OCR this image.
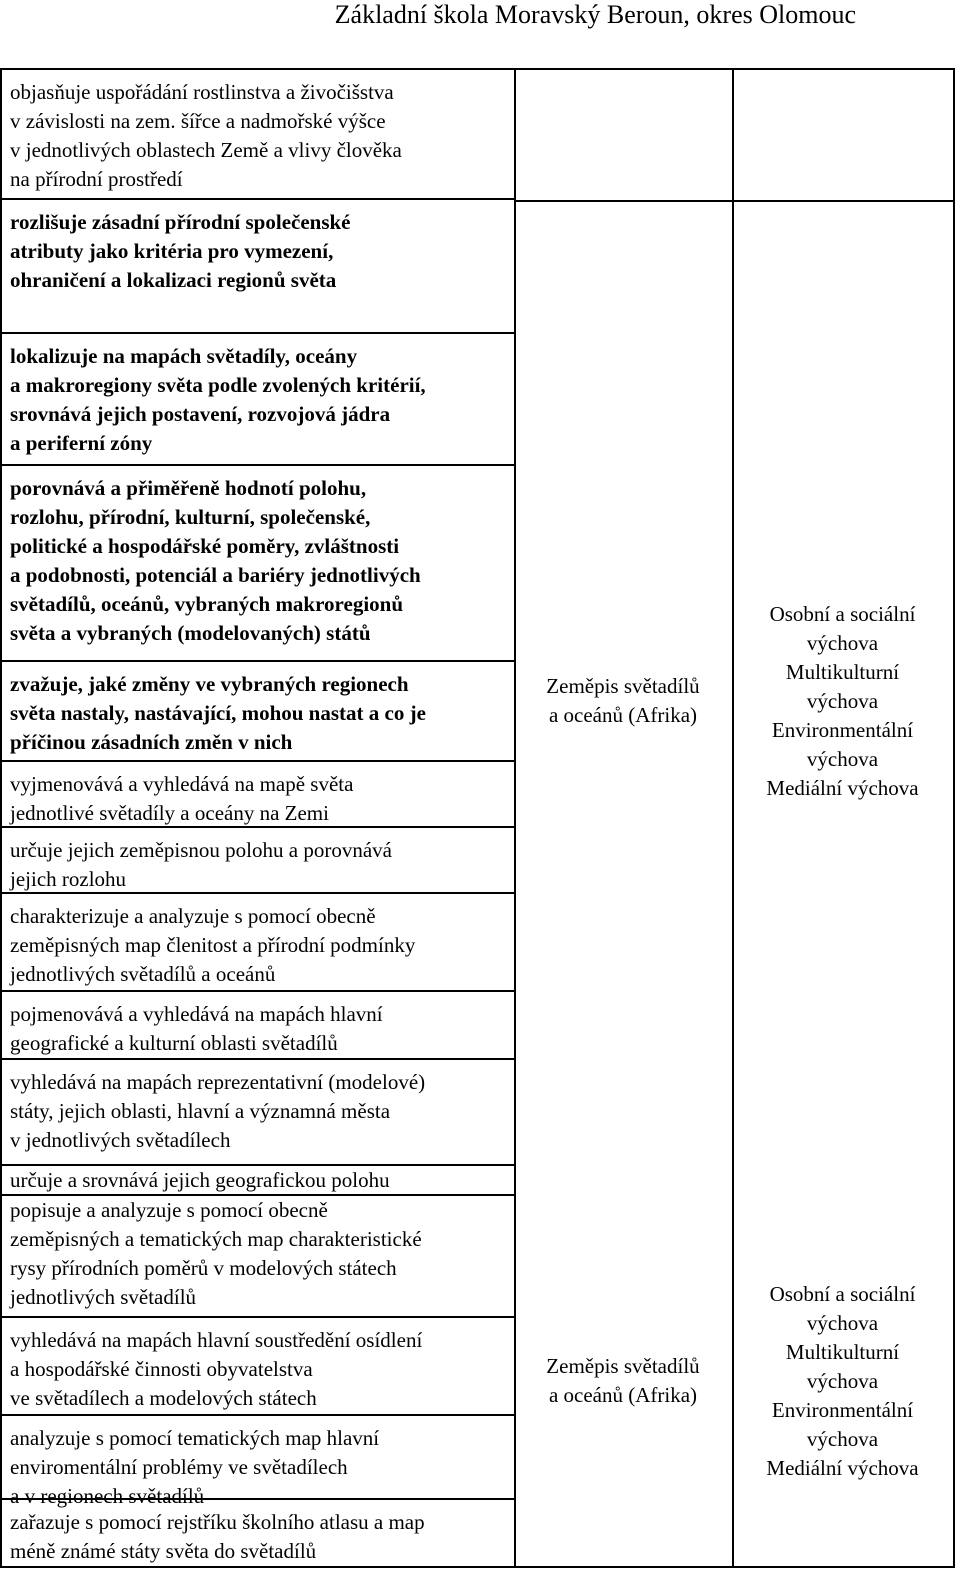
Základní škola Moravský Beroun, okres Olomouc
objasňuje uspořádání rostlinstva a živočišstva
v závislosti na zem. šířce a nadmořské výšce
v jednotlivých oblastech Země a vlivy člověka
na přírodní prostředí
rozlišuje zásadní přírodní společenské
atributy jako kritéria pro vymezení,
ohraničení a lokalizaci regionů světa
lokalizuje na mapách světadíly, oceány
a makroregiony světa podle zvolených kritérií,
srovnává jejich postavení, rozvojová jádra
a periferní zóny
porovnává a přiměřeně hodnotí polohu,
rozlohu, přírodní, kulturní, společenské,
politické a hospodářské poměry, zvláštnosti
a podobnosti, potenciál a bariéry jednotlivých
světadílů, oceánů, vybraných makroregionů
světa a vybraných (modelovaných) států
zvažuje, jaké změny ve vybraných regionech
světa nastaly, nastávající, mohou nastat a co je
příčinou zásadních změn v nich
vyjmenovává a vyhledává na mapě světa
jednotlivé světadíly a oceány na Zemi
určuje jejich zeměpisnou polohu a porovnává
jejich rozlohu
charakterizuje a analyzuje s pomocí obecně
zeměpisných map členitost a přírodní podmínky
jednotlivých světadílů a oceánů
pojmenovává a vyhledává na mapách hlavní
geografické a kulturní oblasti světadílů
vyhledává na mapách reprezentativní (modelové)
státy, jejich oblasti, hlavní a významná města
v jednotlivých světadílech
určuje a srovnává jejich geografickou polohu
popisuje a analyzuje s pomocí obecně
zeměpisných a tematických map charakteristické
rysy přírodních poměrů v modelových státech
jednotlivých světadílů
vyhledává na mapách hlavní soustředění osídlení
a hospodářské činnosti obyvatelstva
ve světadílech a modelových státech
analyzuje s pomocí tematických map hlavní
enviromentální problémy ve světadílech
a v regionech světadílů
zařazuje s pomocí rejstříku školního atlasu a map
méně známé státy světa do světadílů
Zeměpis světadílů
a oceánů (Afrika)
Zeměpis světadílů
a oceánů (Afrika)
Osobní a sociální
výchova
Multikulturní
výchova
Environmentální
výchova
Mediální výchova
Osobní a sociální
výchova
Multikulturní
výchova
Environmentální
výchova
Mediální výchova
